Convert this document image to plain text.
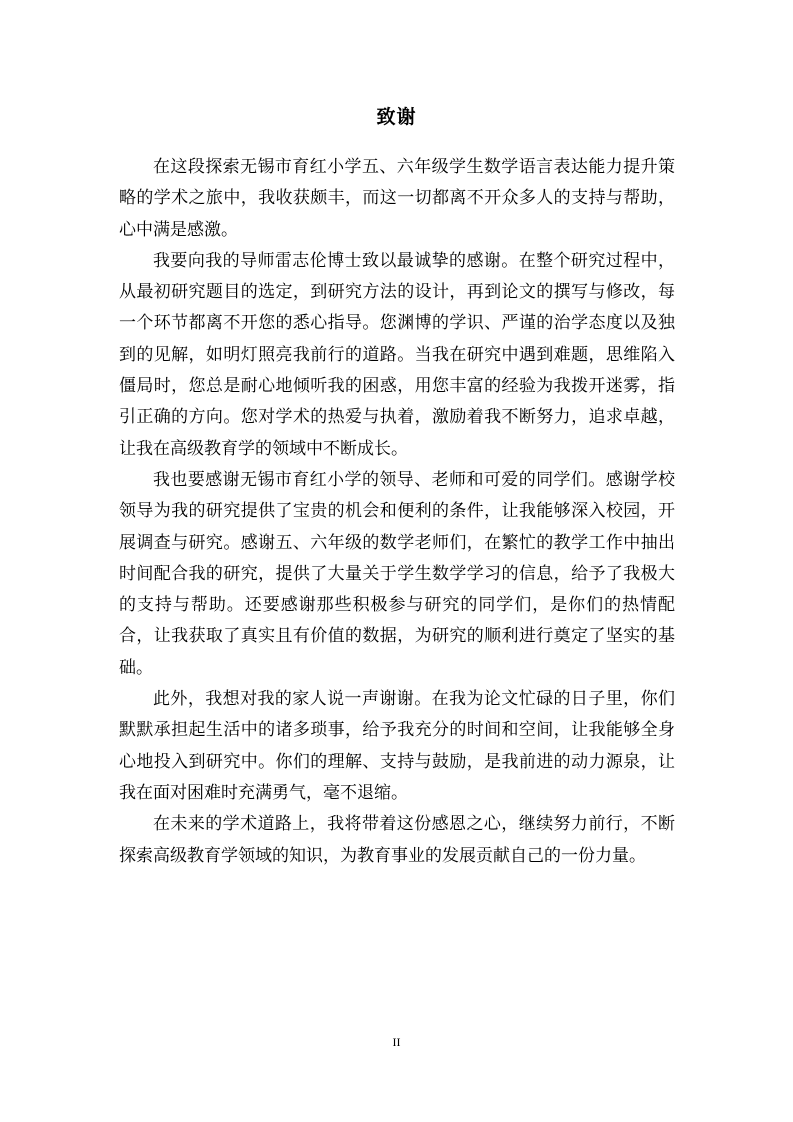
致谢

在这段探索无锡市育红小学五、六年级学生数学语言表达能力提升策略的学术之旅中，我收获颇丰，而这一切都离不开众多人的支持与帮助，心中满是感激。

我要向我的导师雷志伦博士致以最诚挚的感谢。在整个研究过程中，从最初研究题目的选定，到研究方法的设计，再到论文的撰写与修改，每一个环节都离不开您的悉心指导。您渊博的学识、严谨的治学态度以及独到的见解，如明灯照亮我前行的道路。当我在研究中遇到难题，思维陷入僵局时，您总是耐心地倾听我的困惑，用您丰富的经验为我拨开迷雾，指引正确的方向。您对学术的热爱与执着，激励着我不断努力，追求卓越，让我在高级教育学的领域中不断成长。

我也要感谢无锡市育红小学的领导、老师和可爱的同学们。感谢学校领导为我的研究提供了宝贵的机会和便利的条件，让我能够深入校园，开展调查与研究。感谢五、六年级的数学老师们，在繁忙的教学工作中抽出时间配合我的研究，提供了大量关于学生数学学习的信息，给予了我极大的支持与帮助。还要感谢那些积极参与研究的同学们，是你们的热情配合，让我获取了真实且有价值的数据，为研究的顺利进行奠定了坚实的基础。

此外，我想对我的家人说一声谢谢。在我为论文忙碌的日子里，你们默默承担起生活中的诸多琐事，给予我充分的时间和空间，让我能够全身心地投入到研究中。你们的理解、支持与鼓励，是我前进的动力源泉，让我在面对困难时充满勇气，毫不退缩。

在未来的学术道路上，我将带着这份感恩之心，继续努力前行，不断探索高级教育学领域的知识，为教育事业的发展贡献自己的一份力量。

II
